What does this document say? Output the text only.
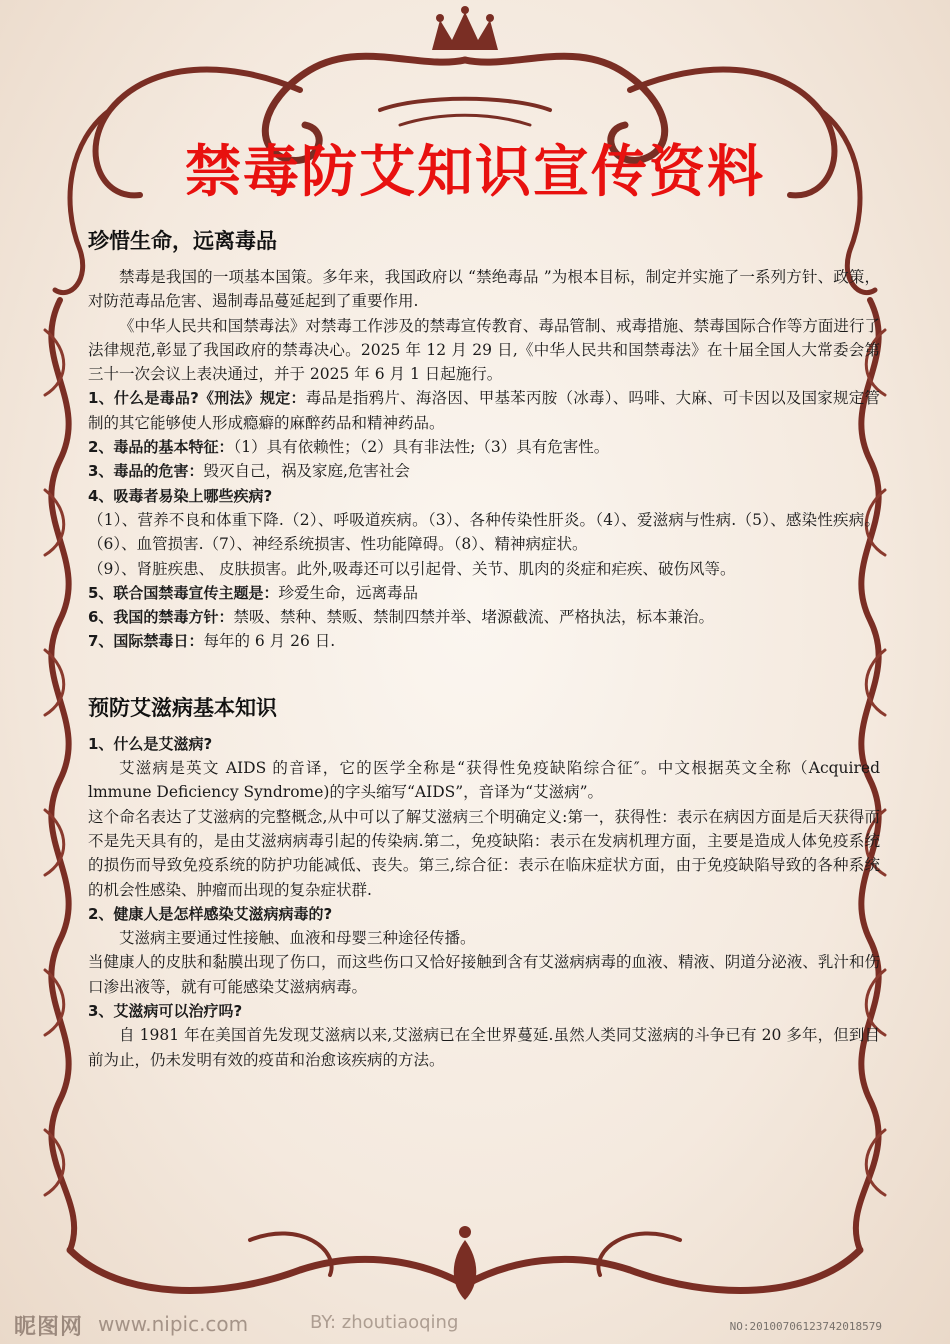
禁毒防艾知识宣传资料
珍惜生命，远离毒品

禁毒是我国的一项基本国策。多年来，我国政府以 “禁绝毒品 ”为根本目标，制定并实施了一系列方针、政策，对防范毒品危害、遏制毒品蔓延起到了重要作用.

《中华人民共和国禁毒法》对禁毒工作涉及的禁毒宣传教育、毒品管制、戒毒措施、禁毒国际合作等方面进行了法律规范,彰显了我国政府的禁毒决心。2025 年 12 月 29 日,《中华人民共和国禁毒法》在十届全国人大常委会第三十一次会议上表决通过，并于 2025 年 6 月 1 日起施行。

1、什么是毒品?《刑法》规定：毒品是指鸦片、海洛因、甲基苯丙胺（冰毒）、吗啡、大麻、可卡因以及国家规定管制的其它能够使人形成瘾癖的麻醉药品和精神药品。

2、毒品的基本特征：（1）具有依赖性；（2）具有非法性;（3）具有危害性。

3、毒品的危害：毁灭自己，祸及家庭,危害社会

4、吸毒者易染上哪些疾病?

（1）、营养不良和体重下降.（2）、呼吸道疾病。（3）、各种传染性肝炎。（4）、爱滋病与性病.（5）、感染性疾病。（6）、血管损害.（7）、神经系统损害、性功能障碍。（8）、精神病症状。

（9）、肾脏疾患、 皮肤损害。此外,吸毒还可以引起骨、关节、肌肉的炎症和疟疾、破伤风等。

5、联合国禁毒宣传主题是：珍爱生命，远离毒品

6、我国的禁毒方针：禁吸、禁种、禁贩、禁制四禁并举、堵源截流、严格执法，标本兼治。

7、国际禁毒日：每年的 6 月 26 日.

预防艾滋病基本知识

1、什么是艾滋病?

艾滋病是英文 AIDS 的音译，它的医学全称是“获得性免疫缺陷综合征″。中文根据英文全称（Acquired lmmune Deficiency Syndrome)的字头缩写“AIDS”，音译为“艾滋病”。

这个命名表达了艾滋病的完整概念,从中可以了解艾滋病三个明确定义:第一，获得性：表示在病因方面是后天获得而不是先天具有的，是由艾滋病病毒引起的传染病.第二，免疫缺陷：表示在发病机理方面，主要是造成人体免疫系统的损伤而导致免疫系统的防护功能减低、丧失。第三,综合征：表示在临床症状方面，由于免疫缺陷导致的各种系统的机会性感染、肿瘤而出现的复杂症状群.

2、健康人是怎样感染艾滋病病毒的?

艾滋病主要通过性接触、血液和母婴三种途径传播。

当健康人的皮肤和黏膜出现了伤口，而这些伤口又恰好接触到含有艾滋病病毒的血液、精液、阴道分泌液、乳汁和伤口渗出液等，就有可能感染艾滋病病毒。

3、艾滋病可以治疗吗?

自 1981 年在美国首先发现艾滋病以来,艾滋病已在全世界蔓延.虽然人类同艾滋病的斗争已有 20 多年，但到目前为止，仍未发明有效的疫苗和治愈该疾病的方法。

昵图网 www.nipic.com	BY: zhoutiaoqing	NO:20100706123742018579
